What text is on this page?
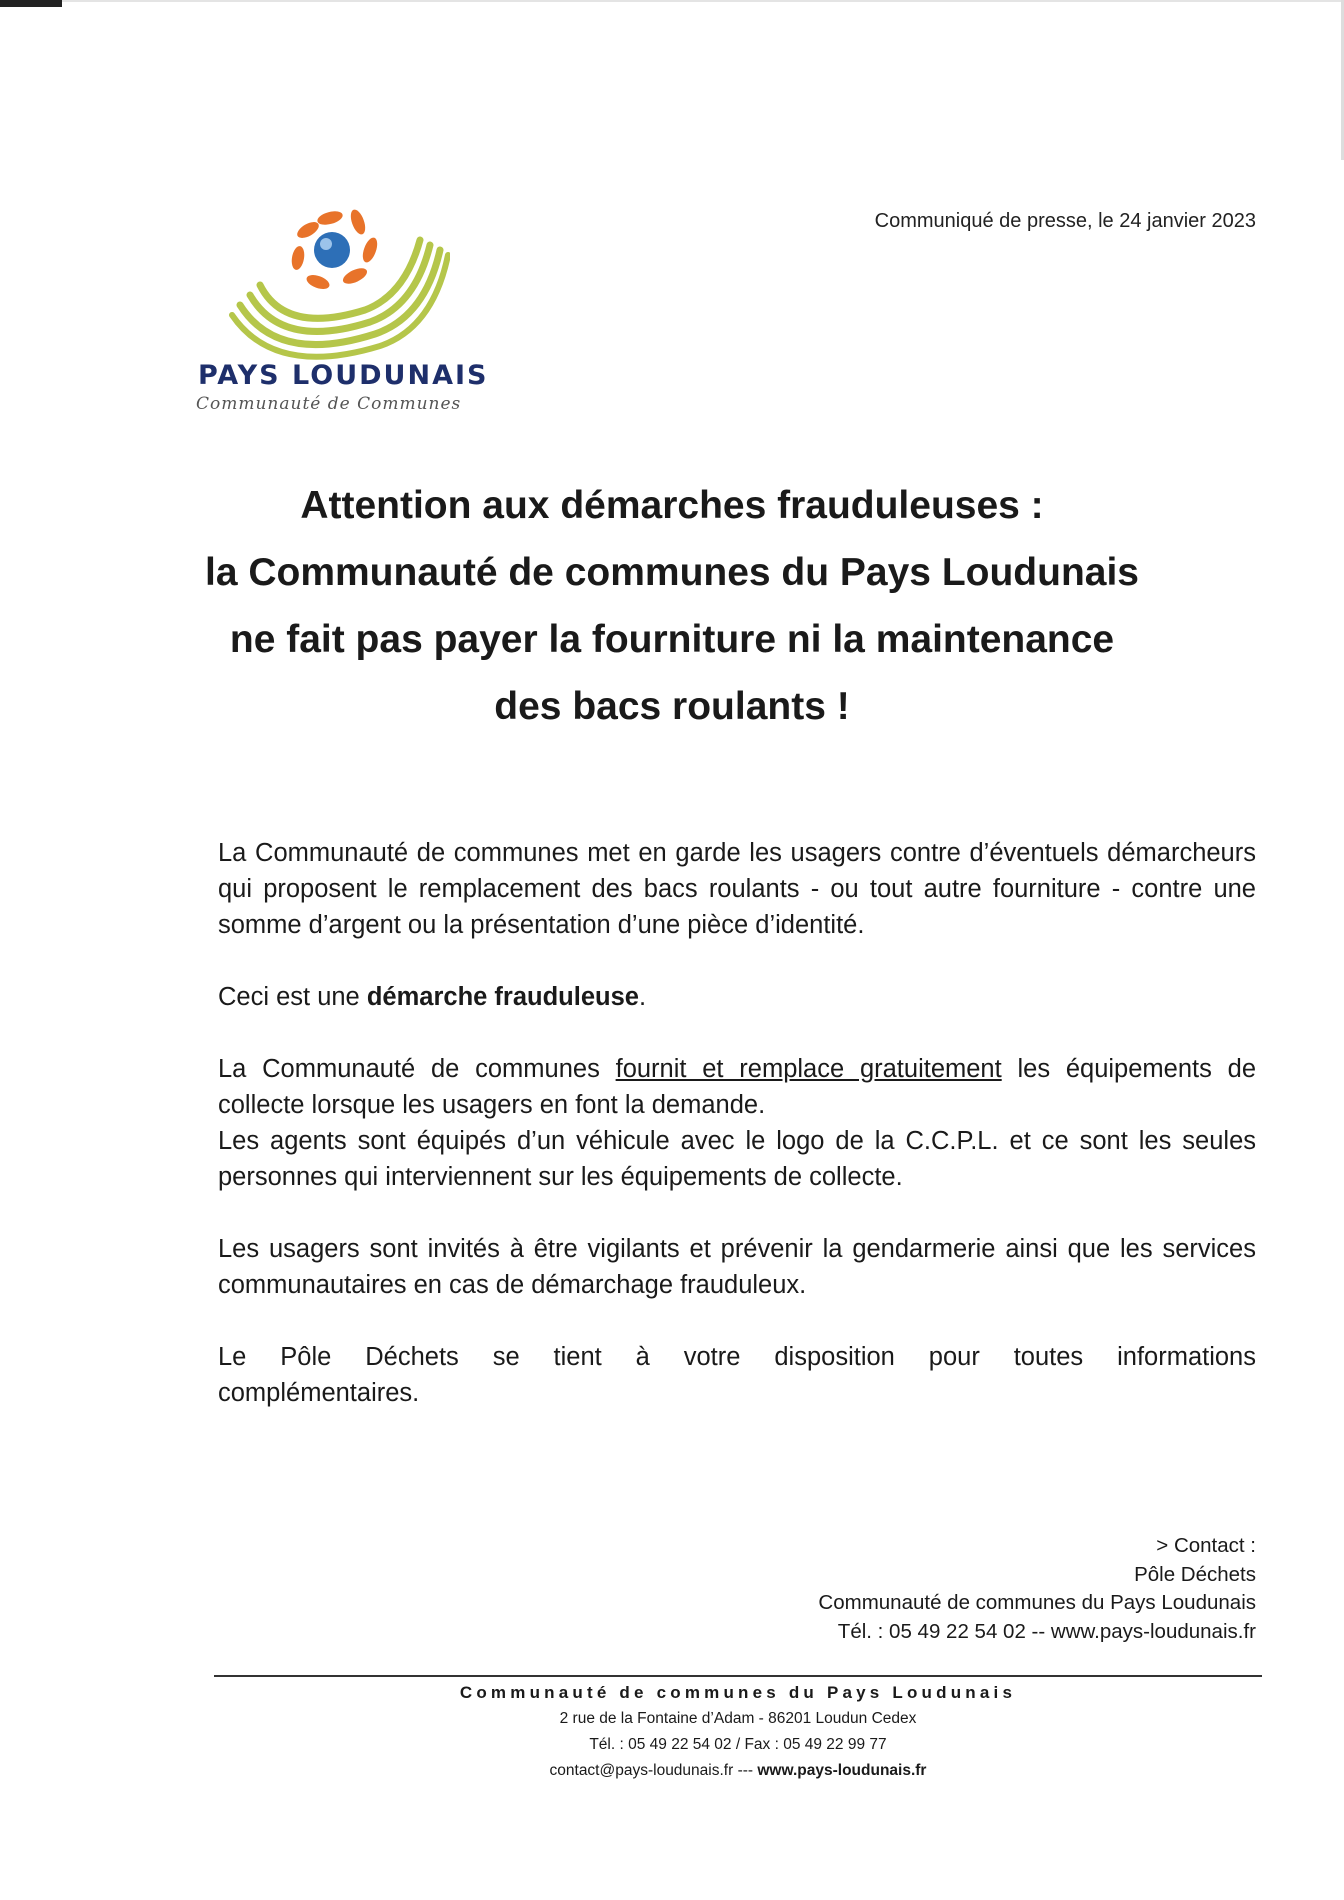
PAYS LOUDUNAIS
Communauté de Communes
Communiqué de presse, le 24 janvier 2023
Attention aux démarches frauduleuses :
la Communauté de communes du Pays Loudunais
ne fait pas payer la fourniture ni la maintenance
des bacs roulants !

La Communauté de communes met en garde les usagers contre d’éventuels démarcheurs qui proposent le remplacement des bacs roulants - ou tout autre fourniture - contre une somme d’argent ou la présentation d’une pièce d’identité.

Ceci est une démarche frauduleuse.

La Communauté de communes fournit et remplace gratuitement les équipements de collecte lorsque les usagers en font la demande.

Les agents sont équipés d’un véhicule avec le logo de la C.C.P.L. et ce sont les seules personnes qui interviennent sur les équipements de collecte.

Les usagers sont invités à être vigilants et prévenir la gendarmerie ainsi que les services communautaires en cas de démarchage frauduleux.

Le Pôle Déchets se tient à votre disposition pour toutes informations
complémentaires.

> Contact :
Pôle Déchets
Communauté de communes du Pays Loudunais
Tél. : 05 49 22 54 02 -- www.pays-loudunais.fr
Communauté de communes du Pays Loudunais
2 rue de la Fontaine d’Adam - 86201 Loudun Cedex
Tél. : 05 49 22 54 02 / Fax : 05 49 22 99 77
contact@pays-loudunais.fr --- www.pays-loudunais.fr
